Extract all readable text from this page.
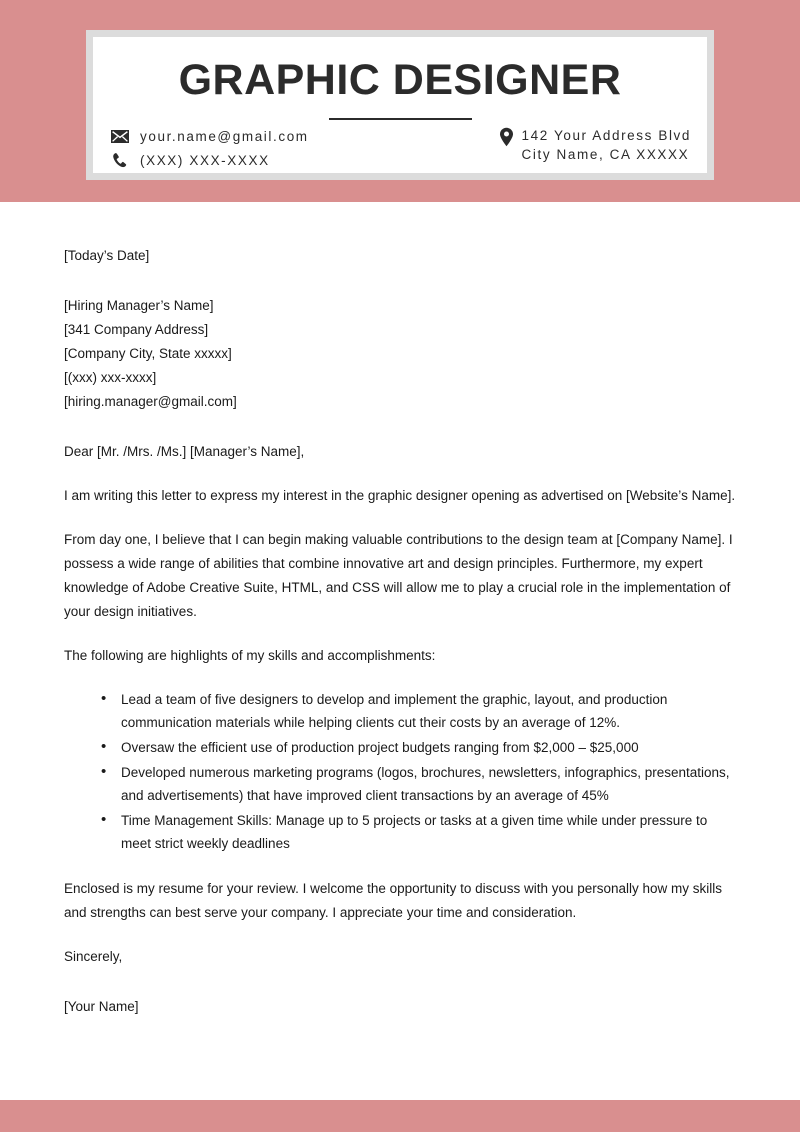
GRAPHIC DESIGNER
your.name@gmail.com
(XXX) XXX-XXXX
142 Your Address Blvd
City Name, CA XXXXX
[Today’s Date]
[Hiring Manager’s Name]
[341 Company Address]
[Company City, State xxxxx]
[(xxx) xxx-xxxx]
[hiring.manager@gmail.com]

Dear [Mr. /Mrs. /Ms.] [Manager’s Name],

I am writing this letter to express my interest in the graphic designer opening as advertised on [Website’s Name].

From day one, I believe that I can begin making valuable contributions to the design team at [Company Name]. I possess a wide range of abilities that combine innovative art and design principles. Furthermore, my expert knowledge of Adobe Creative Suite, HTML, and CSS will allow me to play a crucial role in the implementation of your design initiatives.

The following are highlights of my skills and accomplishments:

• Lead a team of five designers to develop and implement the graphic, layout, and production communication materials while helping clients cut their costs by an average of 12%.
• Oversaw the efficient use of production project budgets ranging from $2,000 – $25,000
• Developed numerous marketing programs (logos, brochures, newsletters, infographics, presentations, and advertisements) that have improved client transactions by an average of 45%
• Time Management Skills: Manage up to 5 projects or tasks at a given time while under pressure to meet strict weekly deadlines

Enclosed is my resume for your review. I welcome the opportunity to discuss with you personally how my skills and strengths can best serve your company. I appreciate your time and consideration.

Sincerely,

[Your Name]
